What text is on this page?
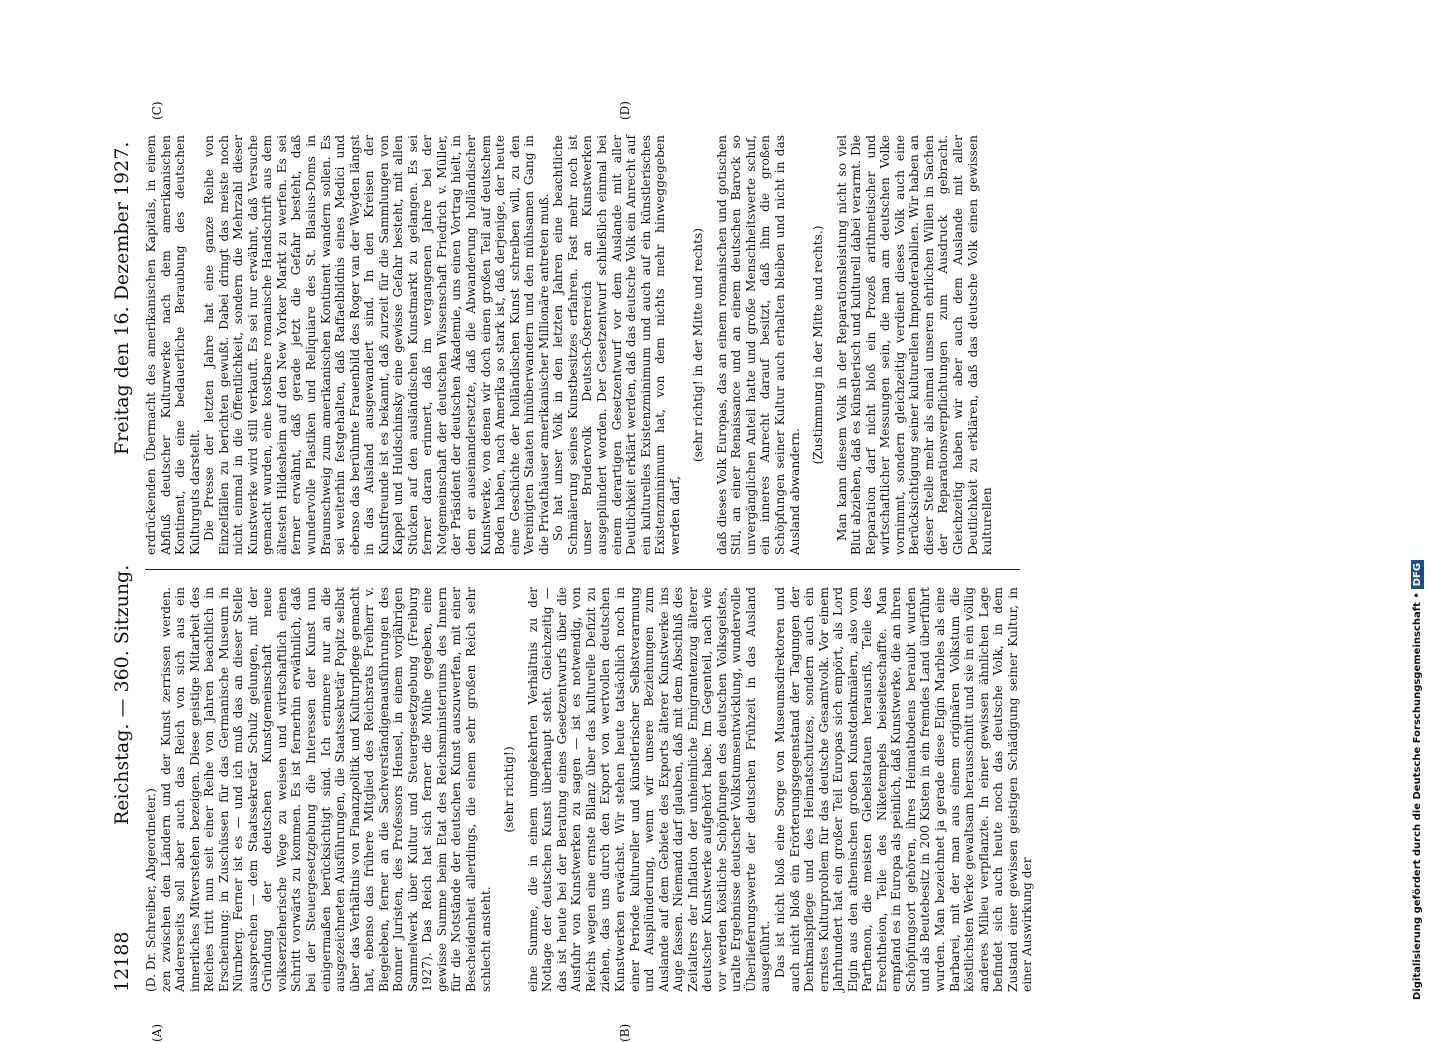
12188
Reichstag. — 360. Sitzung.
Freitag den 16. Dezember 1927.

(D. Dr. Schreiber, Abgeordneter.) zen zwischen den Ländern und der Kunst zerrissen werden. Andererseits soll aber auch das Reich von sich aus ein innerliches Mitverstehen bezeigen. Diese geistige Mitarbeit des Reiches tritt nun seit einer Reihe von Jahren beachtlich in Erscheinung: in Zuschüssen für das Germanische Museum in Nürnberg. Ferner ist es — und ich muß das an dieser Stelle aussprechen — dem Staatssekretär Schulz gelungen, mit der Gründung der deutschen Kunstgemeinschaft neue volkserzieherische Wege zu weisen und wirtschaftlich einen Schritt vorwärts zu kommen. Es ist fernerhin erwähnlich, daß bei der Steuergesetzgebung die Interessen der Kunst nun einigermaßen berücksichtigt sind. Ich erinnere nur an die ausgezeichneten Ausführungen, die Staatssekretär Popitz selbst über das Verhältnis von Finanzpolitik und Kulturpflege gemacht hat, ebenso das frühere Mitglied des Reichsrats Freiherr v. Biegeleben, ferner an die Sachverständigenausführungen des Bonner Juristen, des Professors Hensel, in einem vorjährigen Sammelwerk über Kultur und Steuergesetzgebung (Freiburg 1927). Das Reich hat sich ferner die Mühe gegeben, eine gewisse Summe beim Etat des Reichsministeriums des Innern für die Notstände der deutschen Kunst auszuwerfen, mit einer Bescheidenheit allerdings, die einem sehr großen Reich sehr schlecht ansteht.

(sehr richtig!) eine Summe, die in einem umgekehrten Verhältnis zu der Notlage der deutschen Kunst überhaupt steht. Gleichzeitig — das ist heute bei der Beratung eines Gesetzentwurfs über die Ausfuhr von Kunstwerken zu sagen — ist es notwendig, von Reichs wegen eine ernste Bilanz über das kulturelle Defizit zu ziehen, das uns durch den Export von wertvollen deutschen Kunstwerken erwächst. Wir stehen heute tatsächlich noch in einer Periode kultureller und künstlerischer Selbstverarmung und Ausplünderung, wenn wir unsere Beziehungen zum Auslande auf dem Gebiete des Exports älterer Kunstwerke ins Auge fassen. Niemand darf glauben, daß mit dem Abschluß des Zeitalters der Inflation der unheimliche Emigrantenzug älterer deutscher Kunstwerke aufgehört habe. Im Gegenteil, nach wie vor werden köstliche Schöpfungen des deutschen Volksgeistes, uralte Ergebnisse deutscher Volkstumsentwicklung, wundervolle Überlieferungswerte der deutschen Frühzeit in das Ausland ausgeführt. Das ist nicht bloß eine Sorge von Museumsdirektoren und auch nicht bloß ein Erörterungsgegenstand der Tagungen der Denkmalspflege und des Heimatschutzes, sondern auch ein ernstes Kulturproblem für das deutsche Gesamtvolk. Vor einem Jahrhundert hat ein großer Teil Europas sich empört, als Lord Elgin aus den athenischen großen Kunstdenkmälern, also vom Parthenon, die meisten Giebelstatuen herausriß, Teile des Erechtheion, Teile des Niketempels beiseiteschaffte. Man empfand es in Europa als peinlich, daß Kunstwerke, die an ihren Schöpfungsort gehören, ihres Heimatbodens beraubt wurden und als Beutebesitz in 200 Kisten in ein fremdes Land überführt wurden. Man bezeichnet ja gerade diese Elgin Marbles als eine Barbarei, mit der man aus einem originären Volkstum die köstlichsten Werke gewaltsam herausschnitt und sie in ein völlig anderes Milieu verpflanzte. In einer gewissen ähnlichen Lage befindet sich auch heute noch das deutsche Volk, in dem Zustand einer gewissen geistigen Schädigung seiner Kultur, in einer Auswirkung der

erdrückenden Übermacht des amerikanischen Kapitals, in einem Abfluß deutscher Kulturwerke nach dem amerikanischen Kontinent, die eine bedauerliche Beraubung des deutschen Kulturguts darstellt. Die Presse der letzten Jahre hat eine ganze Reihe von Einzelfällen zu berichten gewußt. Dabei dringt das meiste noch nicht einmal in die Öffentlichkeit, sondern die Mehrzahl dieser Kunstwerke wird still verkauft. Es sei nur erwähnt, daß Versuche gemacht wurden, eine kostbare romanische Handschrift aus dem ältesten Hildesheim auf den New Yorker Markt zu werfen. Es sei ferner erwähnt, daß gerade jetzt die Gefahr besteht, daß wundervolle Plastiken und Reliquiare des St. Blasius-Doms in Braunschweig zum amerikanischen Kontinent wandern sollen. Es sei weiterhin festgehalten, daß Raffaelbildnis eines Medici und ebenso das berühmte Frauenbild des Roger van der Weyden längst in das Ausland ausgewandert sind. In den Kreisen der Kunstfreunde ist es bekannt, daß zurzeit für die Sammlungen von Kappel und Huldschinsky eine gewisse Gefahr besteht, mit allen Stücken auf den ausländischen Kunstmarkt zu gelangen. Es sei ferner daran erinnert, daß im vergangenen Jahre bei der Notgemeinschaft der deutschen Wissenschaft Friedrich v. Müller, der Präsident der deutschen Akademie, uns einen Vortrag hielt, in dem er auseinandersetzte, daß die Abwanderung holländischer Kunstwerke, von denen wir doch einen großen Teil auf deutschem Boden haben, nach Amerika so stark ist, daß derjenige, der heute eine Geschichte der holländischen Kunst schreiben will, zu den Vereinigten Staaten hinüberwandern und den mühsamen Gang in die Privathäuser amerikanischer Millionäre antreten muß. So hat unser Volk in den letzten Jahren eine beachtliche Schmälerung seines Kunstbesitzes erfahren. Fast mehr noch ist unser Brudervolk Deutsch-Österreich an Kunstwerken ausgeplündert worden. Der Gesetzentwurf schließlich einmal bei einem derartigen Gesetzentwurf vor dem Auslande mit aller Deutlichkeit erklärt werden, daß das deutsche Volk ein Anrecht auf ein kulturelles Existenzminimum und auch auf ein künstlerisches Existenzminimum hat, von dem nichts mehr hinweggegeben werden darf,

(sehr richtig! in der Mitte und rechts) daß dieses Volk Europas, das an einem romanischen und gotischen Stil, an einer Renaissance und an einem deutschen Barock so unvergänglichen Anteil hatte und große Menschheitswerte schuf, ein inneres Anrecht darauf besitzt, daß ihm die großen Schöpfungen seiner Kultur auch erhalten bleiben und nicht in das Ausland abwandern.

(Zustimmung in der Mitte und rechts.) Man kann diesem Volk in der Reparationsleistung nicht so viel Blut abziehen, daß es künstlerisch und kulturell dabei verarmt. Die Reparation darf nicht bloß ein Prozeß arithmetischer und wirtschaftlicher Messungen sein, die man am deutschen Volke vornimmt, sondern gleichzeitig verdient dieses Volk auch eine Berücksichtigung seiner kulturellen Imponderabilien. Wir haben an dieser Stelle mehr als einmal unseren ehrlichen Willen in Sachen der Reparationsverpflichtungen zum Ausdruck gebracht. Gleichzeitig haben wir aber auch dem Auslande mit aller Deutlichkeit zu erklären, daß das deutsche Volk einen gewissen kulturellen

(A)	(B)
(C)	(D)
Digitalisierung gefördert durch die Deutsche Forschungsgemeinschaft •DFG
